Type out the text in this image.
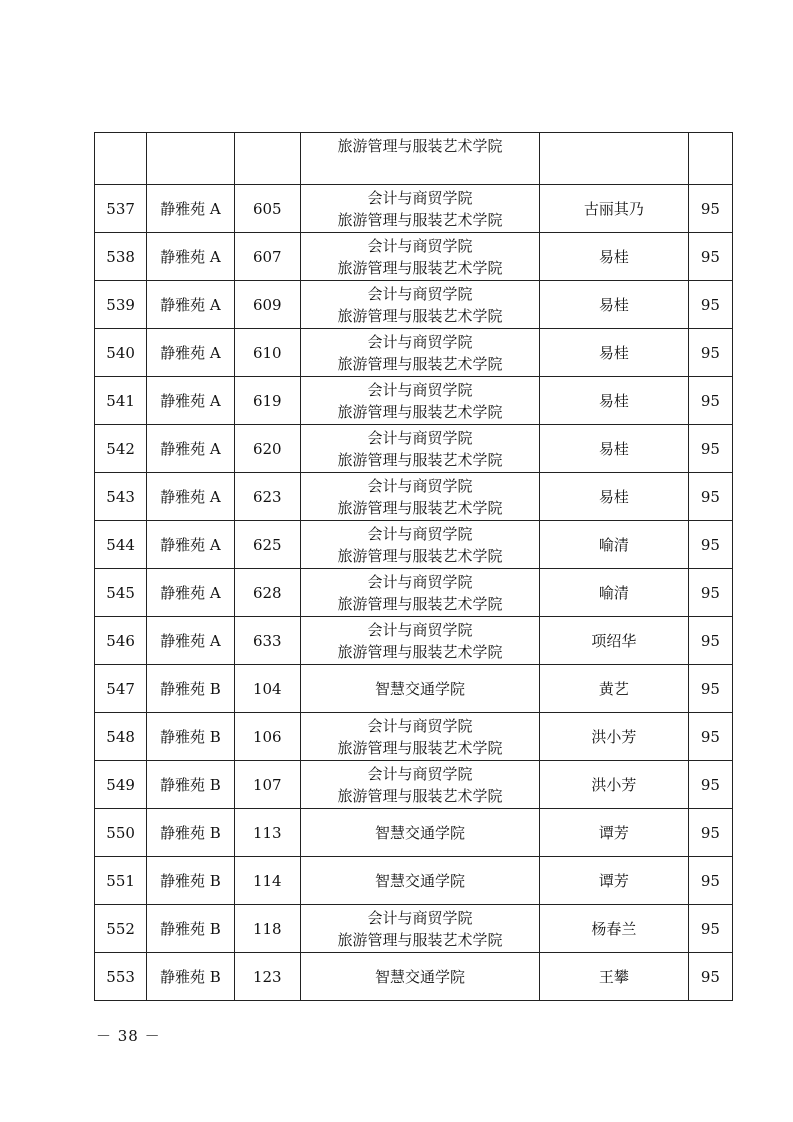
			旅游管理与服装艺术学院		

537	静雅苑 A	605	会计与商贸学院
旅游管理与服装艺术学院	古丽其乃	95
538	静雅苑 A	607	会计与商贸学院
旅游管理与服装艺术学院	易桂	95
539	静雅苑 A	609	会计与商贸学院
旅游管理与服装艺术学院	易桂	95
540	静雅苑 A	610	会计与商贸学院
旅游管理与服装艺术学院	易桂	95
541	静雅苑 A	619	会计与商贸学院
旅游管理与服装艺术学院	易桂	95
542	静雅苑 A	620	会计与商贸学院
旅游管理与服装艺术学院	易桂	95
543	静雅苑 A	623	会计与商贸学院
旅游管理与服装艺术学院	易桂	95
544	静雅苑 A	625	会计与商贸学院
旅游管理与服装艺术学院	喻清	95
545	静雅苑 A	628	会计与商贸学院
旅游管理与服装艺术学院	喻清	95
546	静雅苑 A	633	会计与商贸学院
旅游管理与服装艺术学院	项绍华	95
547	静雅苑 B	104	智慧交通学院	黄艺	95
548	静雅苑 B	106	会计与商贸学院
旅游管理与服装艺术学院	洪小芳	95
549	静雅苑 B	107	会计与商贸学院
旅游管理与服装艺术学院	洪小芳	95
550	静雅苑 B	113	智慧交通学院	谭芳	95
551	静雅苑 B	114	智慧交通学院	谭芳	95
552	静雅苑 B	118	会计与商贸学院
旅游管理与服装艺术学院	杨春兰	95
553	静雅苑 B	123	智慧交通学院	王攀	95
－ 38 －
